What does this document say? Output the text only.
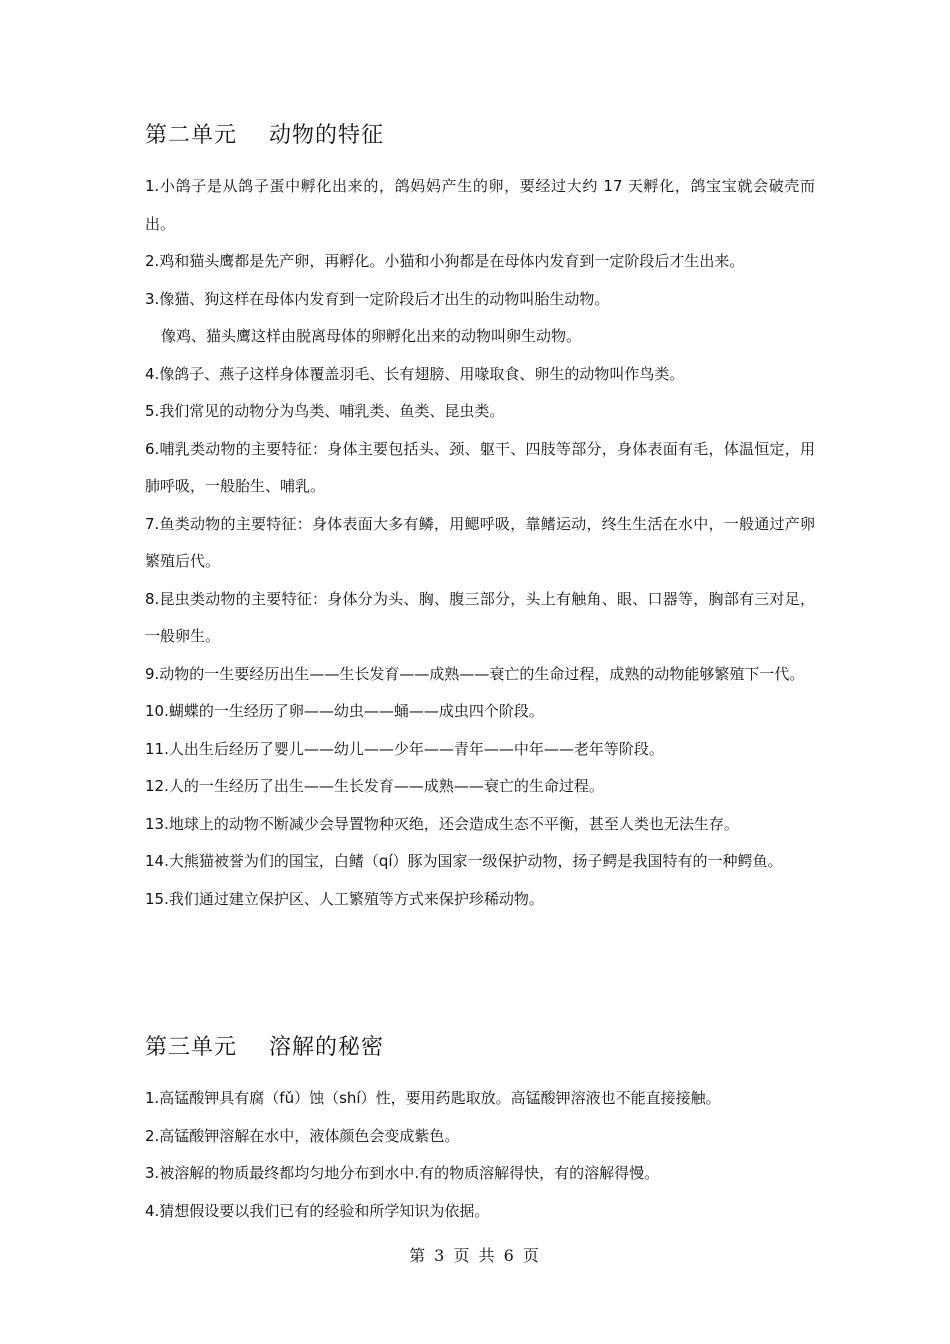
第二单元    动物的特征

1.小鸽子是从鸽子蛋中孵化出来的，鸽妈妈产生的卵，要经过大约 17 天孵化，鸽宝宝就会破壳而出。

2.鸡和猫头鹰都是先产卵，再孵化。小猫和小狗都是在母体内发育到一定阶段后才生出来。

3.像猫、狗这样在母体内发育到一定阶段后才出生的动物叫胎生动物。

像鸡、猫头鹰这样由脱离母体的卵孵化出来的动物叫卵生动物。

4.像鸽子、燕子这样身体覆盖羽毛、长有翅膀、用喙取食、卵生的动物叫作鸟类。

5.我们常见的动物分为鸟类、哺乳类、鱼类、昆虫类。

6.哺乳类动物的主要特征：身体主要包括头、颈、躯干、四肢等部分，身体表面有毛，体温恒定，用肺呼吸，一般胎生、哺乳。

7.鱼类动物的主要特征：身体表面大多有鳞，用鳃呼吸，靠鳍运动，终生生活在水中，一般通过产卵繁殖后代。

8.昆虫类动物的主要特征：身体分为头、胸、腹三部分，头上有触角、眼、口器等，胸部有三对足，一般卵生。

9.动物的一生要经历出生——生长发育——成熟——衰亡的生命过程，成熟的动物能够繁殖下一代。

10.蝴蝶的一生经历了卵——幼虫——蛹——成虫四个阶段。

11.人出生后经历了婴儿——幼儿——少年——青年——中年——老年等阶段。

12.人的一生经历了出生——生长发育——成熟——衰亡的生命过程。

13.地球上的动物不断减少会导置物种灭绝，还会造成生态不平衡，甚至人类也无法生存。

14.大熊猫被誉为们的国宝，白鳍（qí）豚为国家一级保护动物，扬子鳄是我国特有的一种鳄鱼。

15.我们通过建立保护区、人工繁殖等方式来保护珍稀动物。

第三单元    溶解的秘密

1.高锰酸钾具有腐（fǔ）蚀（shí）性，要用药匙取放。高锰酸钾溶液也不能直接接触。

2.高锰酸钾溶解在水中，液体颜色会变成紫色。

3.被溶解的物质最终都均匀地分布到水中.有的物质溶解得快，有的溶解得慢。

4.猜想假设要以我们已有的经验和所学知识为依据。

第 3 页 共 6 页
